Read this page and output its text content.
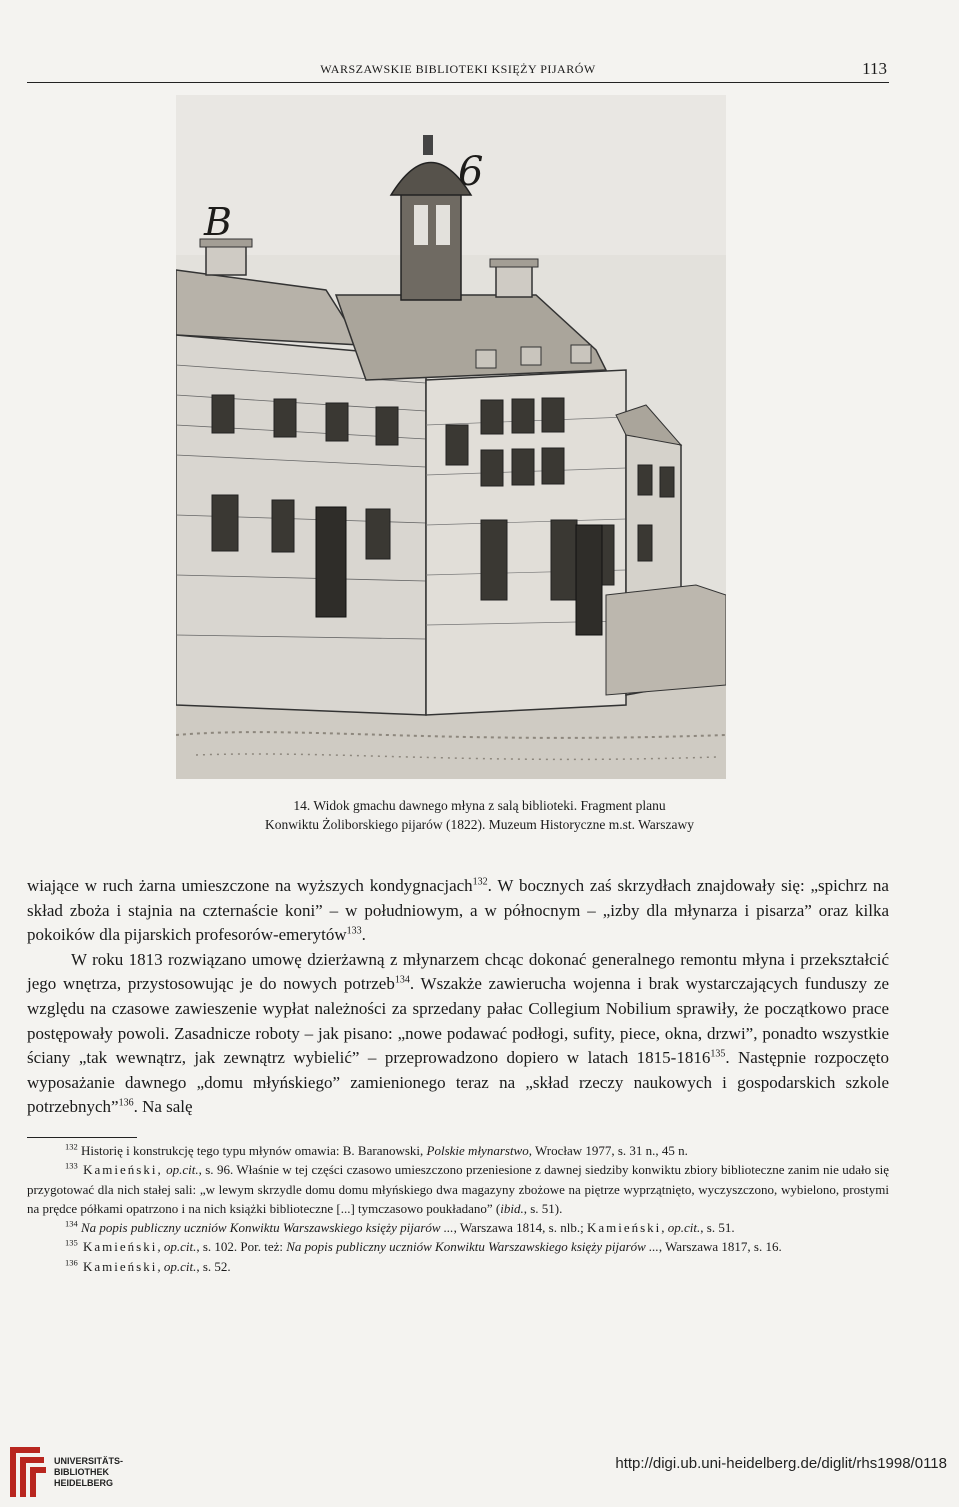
WARSZAWSKIE BIBLIOTEKI KSIĘŻY PIJARÓW	113
B
6
14. Widok gmachu dawnego młyna z salą biblioteki. Fragment planu
Konwiktu Żoliborskiego pijarów (1822). Muzeum Historyczne m.st. Warszawy

wiające w ruch żarna umieszczone na wyższych kondygnacjach$^{132}$. W bocznych zaś skrzydłach znajdowały się: „spichrz na skład zboża i stajnia na czternaście koni” – w południowym, a w północnym – „izby dla młynarza i pisarza” oraz kilka pokoików dla pijarskich profesorów-emerytów$^{133}$.

W roku 1813 rozwiązano umowę dzierżawną z młynarzem chcąc dokonać generalnego remontu młyna i przekształcić jego wnętrza, przystosowując je do nowych potrzeb$^{134}$. Wszakże zawierucha wojenna i brak wystarczających funduszy ze względu na czasowe zawieszenie wypłat należności za sprzedany pałac Collegium Nobilium sprawiły, że początkowo prace postępowały powoli. Zasadnicze roboty – jak pisano: „nowe podawać podłogi, sufity, piece, okna, drzwi”, ponadto wszystkie ściany „tak wewnątrz, jak zewnątrz wybielić” – przeprowadzono dopiero w latach 1815-1816$^{135}$. Następnie rozpoczęto wyposażanie dawnego „domu młyńskiego” zamienionego teraz na „skład rzeczy naukowych i gospodarskich szkole potrzebnych”$^{136}$. Na salę

$^{132}$ Historię i konstrukcję tego typu młynów omawia: B. Baranowski, Polskie młynarstwo, Wrocław 1977, s. 31 n., 45 n.

$^{133}$ Kamieński, op.cit., s. 96. Właśnie w tej części czasowo umieszczono przeniesione z dawnej siedziby konwiktu zbiory biblioteczne zanim nie udało się przygotować dla nich stałej sali: „w lewym skrzydle domu domu młyńskiego dwa magazyny zbożowe na piętrze wyprzątnięto, wyczyszczono, wybielono, prostymi na prędce półkami opatrzono i na nich książki biblioteczne [...] tymczasowo poukładano” (ibid., s. 51).

$^{134}$ Na popis publiczny uczniów Konwiktu Warszawskiego księży pijarów ..., Warszawa 1814, s. nlb.; Kamieński, op.cit., s. 51.

$^{135}$ Kamieński, op.cit., s. 102. Por. też: Na popis publiczny uczniów Konwiktu Warszawskiego księży pijarów ..., Warszawa 1817, s. 16.

$^{136}$ Kamieński, op.cit., s. 52.

UNIVERSITÄTS-
BIBLIOTHEK
HEIDELBERG
http://digi.ub.uni-heidelberg.de/diglit/rhs1998/0118
